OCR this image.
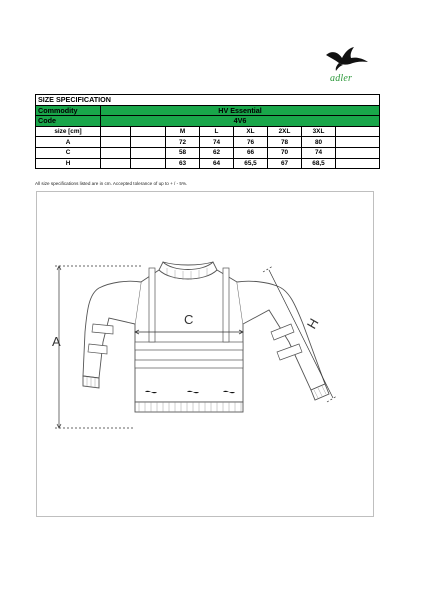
adler
SIZE SPECIFICATION								
Commodity	HV Essential							
Code	4V6							
size [cm]			M	L	XL	2XL	3XL	
A			72	74	76	78	80	
C			58	62	66	70	74	
H			63	64	65,5	67	68,5	
All size specifications listed are in cm. Accepted tolerance of up to + / - 5%.
A
C	H
